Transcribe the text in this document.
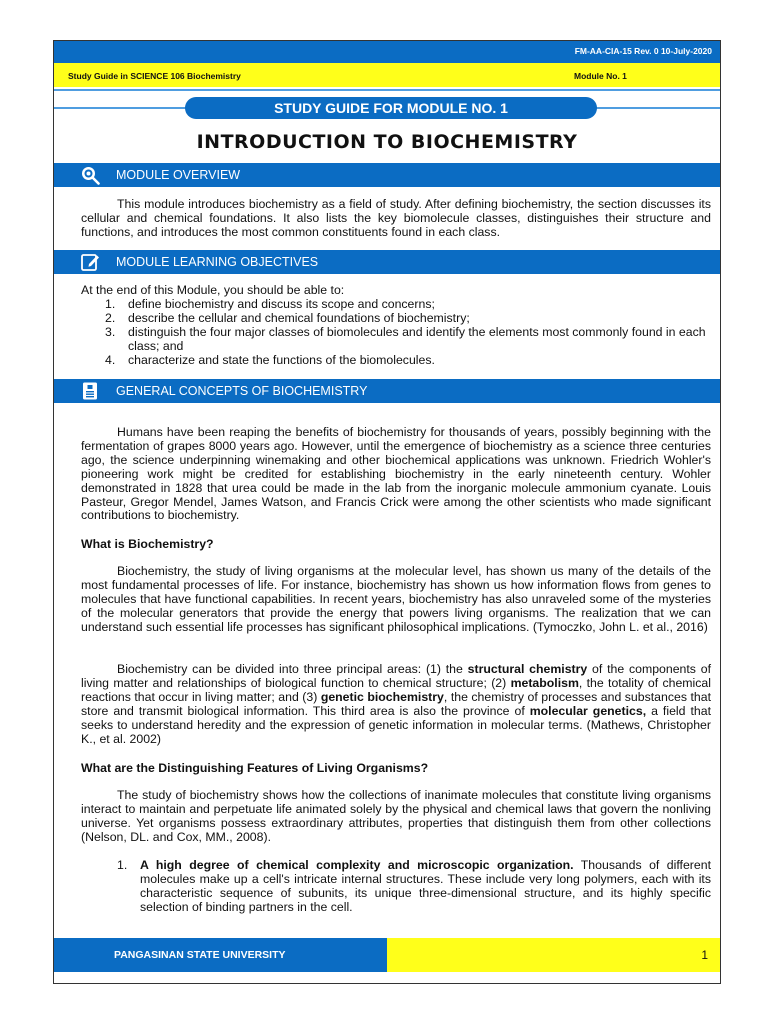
FM-AA-CIA-15 Rev. 0 10-July-2020
Study Guide in SCIENCE 106 Biochemistry	Module No. 1
STUDY GUIDE FOR MODULE NO. 1
INTRODUCTION TO BIOCHEMISTRY
MODULE OVERVIEW
This module introduces biochemistry as a field of study. After defining biochemistry, the section discusses its cellular and chemical foundations. It also lists the key biomolecule classes, distinguishes their structure and functions, and introduces the most common constituents found in each class.
MODULE LEARNING OBJECTIVES
At the end of this Module, you should be able to:
1. define biochemistry and discuss its scope and concerns;
2. describe the cellular and chemical foundations of biochemistry;
3. distinguish the four major classes of biomolecules and identify the elements most commonly found in each class; and
4. characterize and state the functions of the biomolecules.
GENERAL CONCEPTS OF BIOCHEMISTRY
Humans have been reaping the benefits of biochemistry for thousands of years, possibly beginning with the fermentation of grapes 8000 years ago. However, until the emergence of biochemistry as a science three centuries ago, the science underpinning winemaking and other biochemical applications was unknown. Friedrich Wohler's pioneering work might be credited for establishing biochemistry in the early nineteenth century. Wohler demonstrated in 1828 that urea could be made in the lab from the inorganic molecule ammonium cyanate. Louis Pasteur, Gregor Mendel, James Watson, and Francis Crick were among the other scientists who made significant contributions to biochemistry.
What is Biochemistry?
Biochemistry, the study of living organisms at the molecular level, has shown us many of the details of the most fundamental processes of life. For instance, biochemistry has shown us how information flows from genes to molecules that have functional capabilities. In recent years, biochemistry has also unraveled some of the mysteries of the molecular generators that provide the energy that powers living organisms. The realization that we can understand such essential life processes has significant philosophical implications. (Tymoczko, John L. et al., 2016)
Biochemistry can be divided into three principal areas: (1) the structural chemistry of the components of living matter and relationships of biological function to chemical structure; (2) metabolism, the totality of chemical reactions that occur in living matter; and (3) genetic biochemistry, the chemistry of processes and substances that store and transmit biological information. This third area is also the province of molecular genetics, a field that seeks to understand heredity and the expression of genetic information in molecular terms. (Mathews, Christopher K., et al. 2002)
What are the Distinguishing Features of Living Organisms?
The study of biochemistry shows how the collections of inanimate molecules that constitute living organisms interact to maintain and perpetuate life animated solely by the physical and chemical laws that govern the nonliving universe. Yet organisms possess extraordinary attributes, properties that distinguish them from other collections (Nelson, DL. and Cox, MM., 2008).
1. A high degree of chemical complexity and microscopic organization. Thousands of different molecules make up a cell's intricate internal structures. These include very long polymers, each with its characteristic sequence of subunits, its unique three-dimensional structure, and its highly specific selection of binding partners in the cell.
PANGASINAN STATE UNIVERSITY	1
